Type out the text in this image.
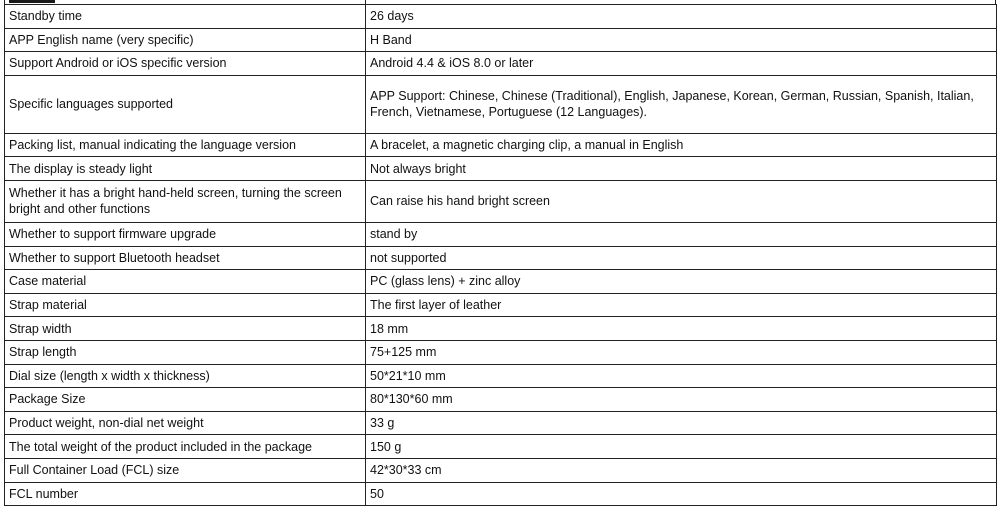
Standby time	26 days
APP English name (very specific)	H Band
Support Android or iOS specific version	Android 4.4 & iOS 8.0 or later
Specific languages supported	APP Support: Chinese, Chinese (Traditional), English, Japanese, Korean, German, Russian, Spanish, Italian, French, Vietnamese, Portuguese (12 Languages).
Packing list, manual indicating the language version	A bracelet, a magnetic charging clip, a manual in English
The display is steady light	Not always bright
Whether it has a bright hand-held screen, turning the screen bright and other functions	Can raise his hand bright screen
Whether to support firmware upgrade	stand by
Whether to support Bluetooth headset	not supported
Case material	PC (glass lens) + zinc alloy
Strap material	The first layer of leather
Strap width	18 mm
Strap length	75+125 mm
Dial size (length x width x thickness)	50*21*10 mm
Package Size	80*130*60 mm
Product weight, non-dial net weight	33 g
The total weight of the product included in the package	150 g
Full Container Load (FCL) size	42*30*33 cm
FCL number	50
